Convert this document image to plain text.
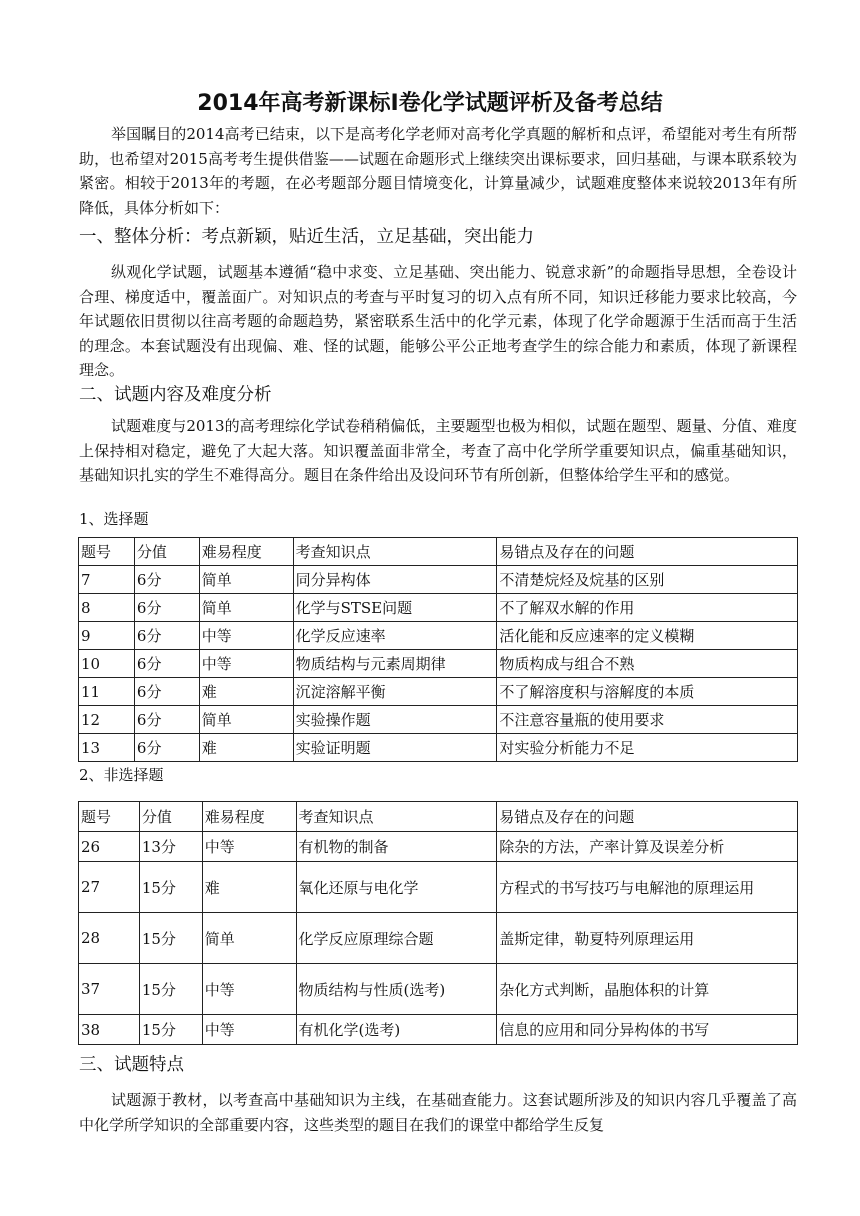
2014年高考新课标Ⅰ卷化学试题评析及备考总结

举国瞩目的2014高考已结束，以下是高考化学老师对高考化学真题的解析和点评，希望能对考生有所帮助，也希望对2015高考考生提供借鉴——试题在命题形式上继续突出课标要求，回归基础，与课本联系较为紧密。相较于2013年的考题，在必考题部分题目情境变化，计算量减少，试题难度整体来说较2013年有所降低，具体分析如下：

一、整体分析：考点新颖，贴近生活，立足基础，突出能力

纵观化学试题，试题基本遵循“稳中求变、立足基础、突出能力、锐意求新”的命题指导思想，全卷设计合理、梯度适中，覆盖面广。对知识点的考查与平时复习的切入点有所不同，知识迁移能力要求比较高，今年试题依旧贯彻以往高考题的命题趋势，紧密联系生活中的化学元素，体现了化学命题源于生活而高于生活的理念。本套试题没有出现偏、难、怪的试题，能够公平公正地考查学生的综合能力和素质，体现了新课程理念。

二、试题内容及难度分析

试题难度与2013的高考理综化学试卷稍稍偏低，主要题型也极为相似，试题在题型、题量、分值、难度上保持相对稳定，避免了大起大落。知识覆盖面非常全，考查了高中化学所学重要知识点，偏重基础知识，基础知识扎实的学生不难得高分。题目在条件给出及设问环节有所创新，但整体给学生平和的感觉。

1、选择题

题号	分值	难易程度	考查知识点	易错点及存在的问题
7	6分	简单	同分异构体	不清楚烷烃及烷基的区别
8	6分	简单	化学与STSE问题	不了解双水解的作用
9	6分	中等	化学反应速率	活化能和反应速率的定义模糊
10	6分	中等	物质结构与元素周期律	物质构成与组合不熟
11	6分	难	沉淀溶解平衡	不了解溶度积与溶解度的本质
12	6分	简单	实验操作题	不注意容量瓶的使用要求
13	6分	难	实验证明题	对实验分析能力不足

2、非选择题

题号	分值	难易程度	考查知识点	易错点及存在的问题
26	13分	中等	有机物的制备	除杂的方法，产率计算及误差分析
27	15分	难	氧化还原与电化学	方程式的书写技巧与电解池的原理运用
28	15分	简单	化学反应原理综合题	盖斯定律，勒夏特列原理运用
37	15分	中等	物质结构与性质(选考)	杂化方式判断，晶胞体积的计算
38	15分	中等	有机化学(选考)	信息的应用和同分异构体的书写

三、试题特点

试题源于教材，以考查高中基础知识为主线，在基础查能力。这套试题所涉及的知识内容几乎覆盖了高中化学所学知识的全部重要内容，这些类型的题目在我们的课堂中都给学生反复
